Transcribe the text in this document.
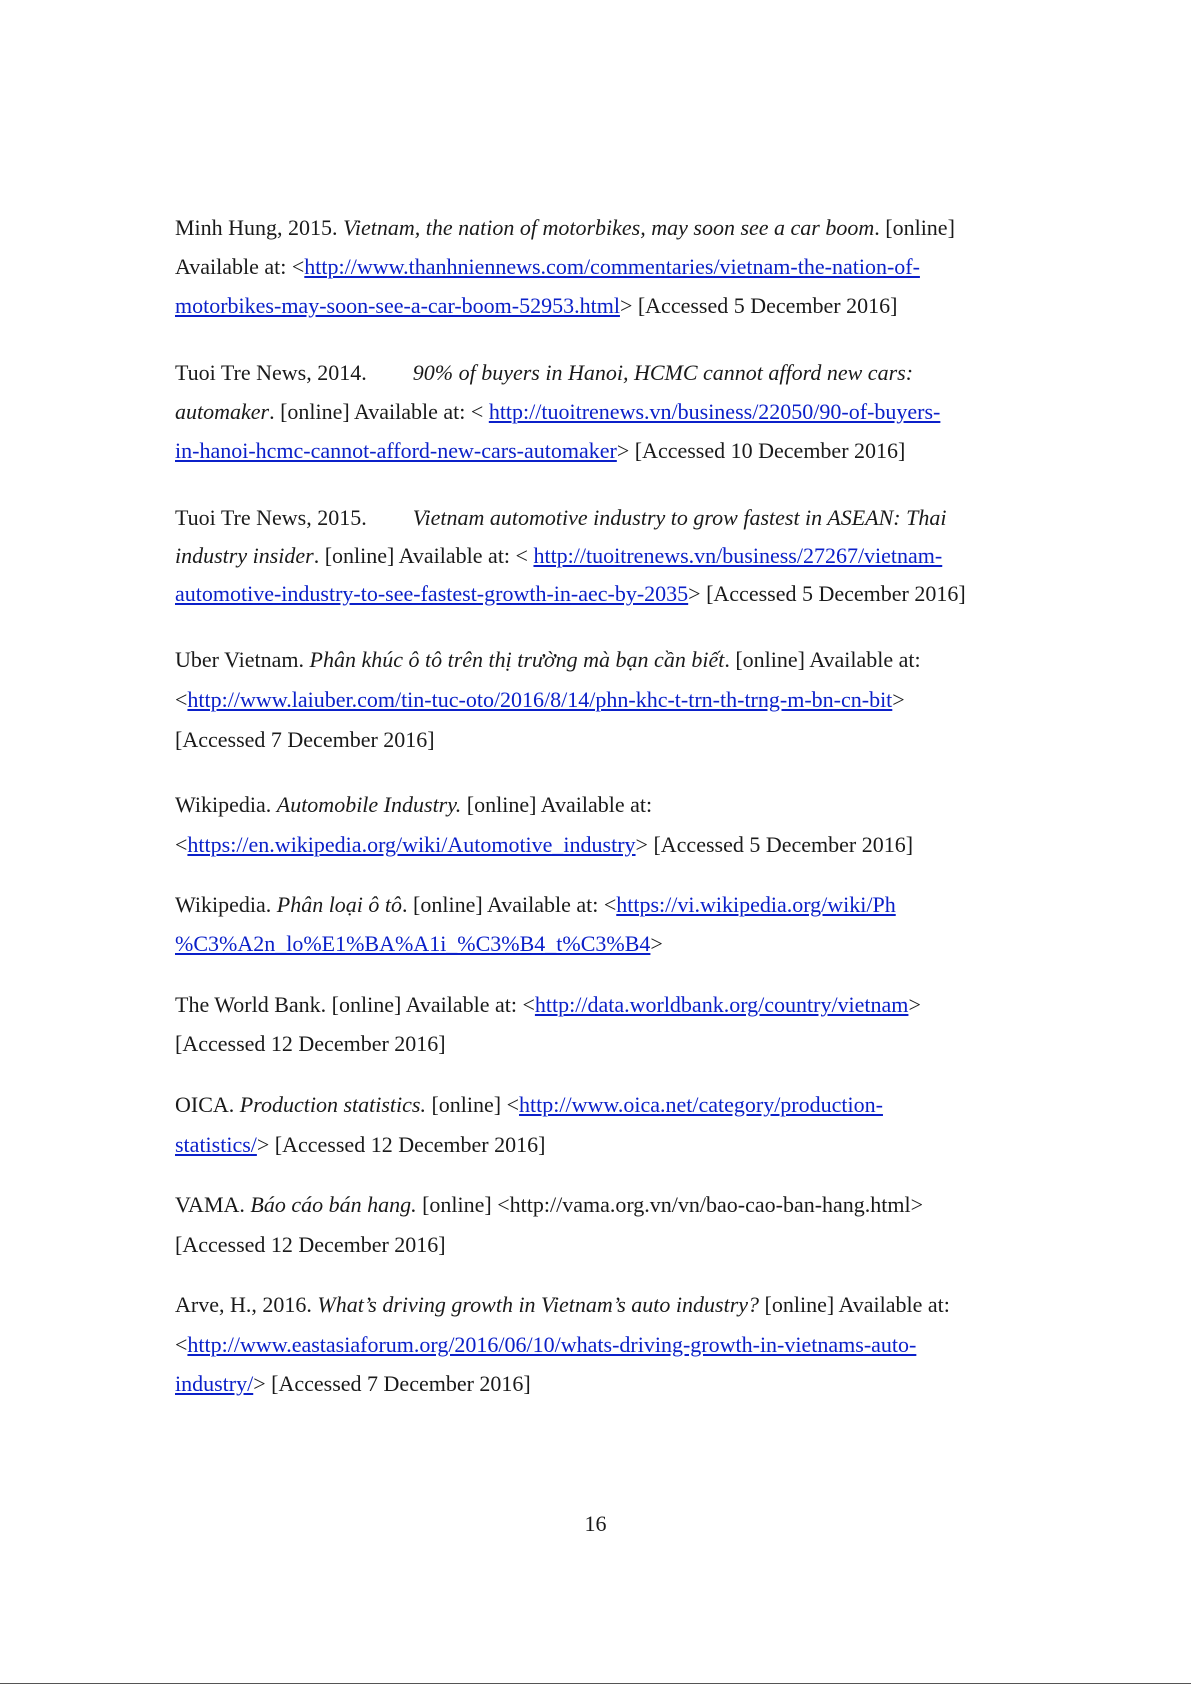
Minh Hung, 2015. Vietnam, the nation of motorbikes, may soon see a car boom. [online]
Available at: <http://www.thanhniennews.com/commentaries/vietnam-the-nation-of-
motorbikes-may-soon-see-a-car-boom-52953.html> [Accessed 5 December 2016]
Tuoi Tre News, 2014. 90% of buyers in Hanoi, HCMC cannot afford new cars:
automaker. [online] Available at: < http://tuoitrenews.vn/business/22050/90-of-buyers-
in-hanoi-hcmc-cannot-afford-new-cars-automaker> [Accessed 10 December 2016]
Tuoi Tre News, 2015. Vietnam automotive industry to grow fastest in ASEAN: Thai
industry insider. [online] Available at: < http://tuoitrenews.vn/business/27267/vietnam-
automotive-industry-to-see-fastest-growth-in-aec-by-2035> [Accessed 5 December 2016]
Uber Vietnam. Phân khúc ô tô trên thị trường mà bạn cần biết. [online] Available at:
<http://www.laiuber.com/tin-tuc-oto/2016/8/14/phn-khc-t-trn-th-trng-m-bn-cn-bit>
[Accessed 7 December 2016]
Wikipedia. Automobile Industry. [online] Available at:
<https://en.wikipedia.org/wiki/Automotive_industry> [Accessed 5 December 2016]
Wikipedia. Phân loại ô tô. [online] Available at: <https://vi.wikipedia.org/wiki/Ph
%C3%A2n_lo%E1%BA%A1i_%C3%B4_t%C3%B4>
The World Bank. [online] Available at: <http://data.worldbank.org/country/vietnam>
[Accessed 12 December 2016]
OICA. Production statistics. [online] <http://www.oica.net/category/production-
statistics/> [Accessed 12 December 2016]
VAMA. Báo cáo bán hang. [online] <http://vama.org.vn/vn/bao-cao-ban-hang.html>
[Accessed 12 December 2016]
Arve, H., 2016. What’s driving growth in Vietnam’s auto industry? [online] Available at:
<http://www.eastasiaforum.org/2016/06/10/whats-driving-growth-in-vietnams-auto-
industry/> [Accessed 7 December 2016]
16
